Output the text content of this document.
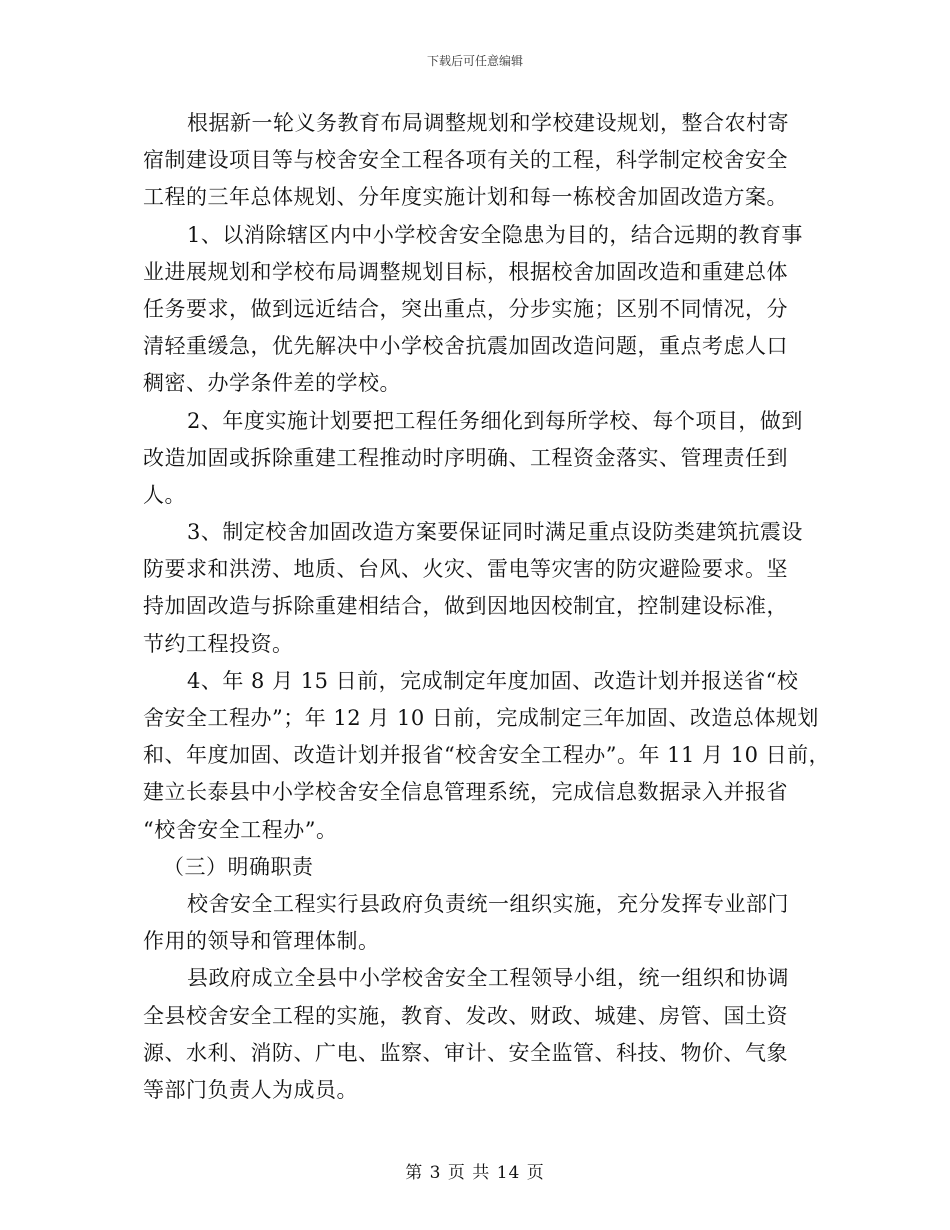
下载后可任意编辑
根据新一轮义务教育布局调整规划和学校建设规划，整合农村寄
宿制建设项目等与校舍安全工程各项有关的工程，科学制定校舍安全
工程的三年总体规划、分年度实施计划和每一栋校舍加固改造方案。
1、以消除辖区内中小学校舍安全隐患为目的，结合远期的教育事
业进展规划和学校布局调整规划目标，根据校舍加固改造和重建总体
任务要求，做到远近结合，突出重点，分步实施；区别不同情况，分
清轻重缓急，优先解决中小学校舍抗震加固改造问题，重点考虑人口
稠密、办学条件差的学校。
2、年度实施计划要把工程任务细化到每所学校、每个项目，做到
改造加固或拆除重建工程推动时序明确、工程资金落实、管理责任到
人。
3、制定校舍加固改造方案要保证同时满足重点设防类建筑抗震设
防要求和洪涝、地质、台风、火灾、雷电等灾害的防灾避险要求。坚
持加固改造与拆除重建相结合，做到因地因校制宜，控制建设标准，
节约工程投资。
4、年 8 月 15 日前，完成制定年度加固、改造计划并报送省“校
舍安全工程办”；年 12 月 10 日前，完成制定三年加固、改造总体规划
和、年度加固、改造计划并报省“校舍安全工程办”。年 11 月 10 日前，
建立长泰县中小学校舍安全信息管理系统，完成信息数据录入并报省
“校舍安全工程办”。
（三）明确职责
校舍安全工程实行县政府负责统一组织实施，充分发挥专业部门
作用的领导和管理体制。
县政府成立全县中小学校舍安全工程领导小组，统一组织和协调
全县校舍安全工程的实施，教育、发改、财政、城建、房管、国土资
源、水利、消防、广电、监察、审计、安全监管、科技、物价、气象
等部门负责人为成员。
第 3 页 共 14 页
